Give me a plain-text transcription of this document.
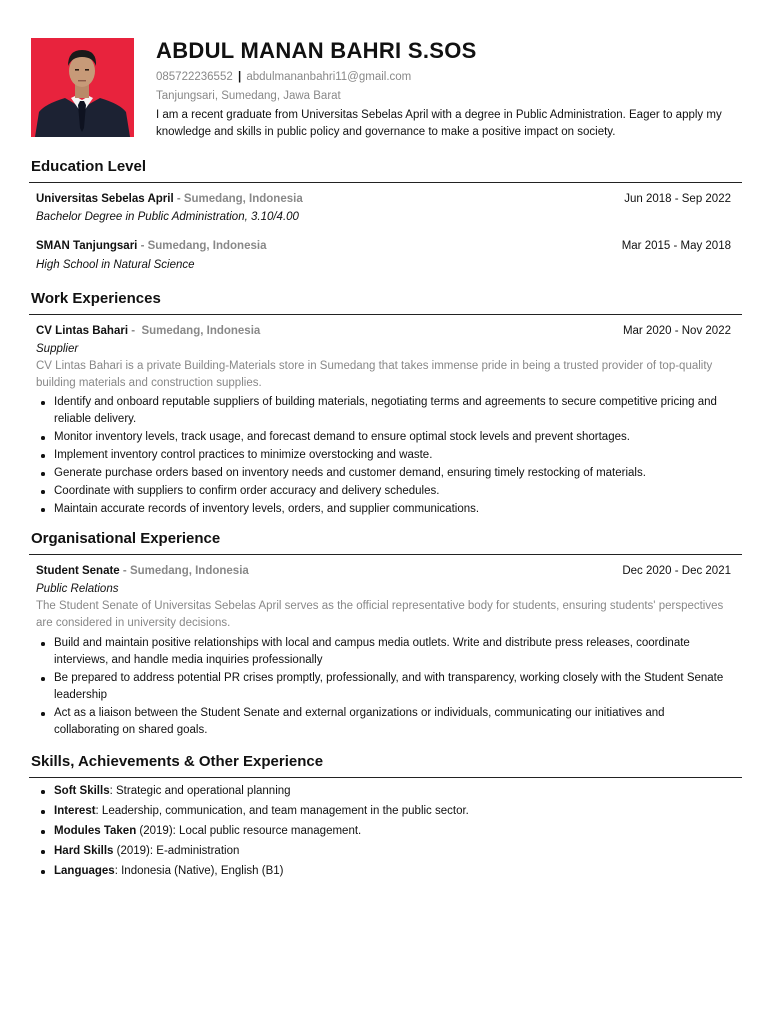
ABDUL MANAN BAHRI S.SOS
085722236552 | abdulmananbahri11@gmail.com
Tanjungsari, Sumedang, Jawa Barat
I am a recent graduate from Universitas Sebelas April with a degree in Public Administration. Eager to apply my knowledge and skills in public policy and governance to make a positive impact on society.
Education Level
Universitas Sebelas April - Sumedang, Indonesia	Jun 2018 - Sep 2022
Bachelor Degree in Public Administration, 3.10/4.00
SMAN Tanjungsari - Sumedang, Indonesia	Mar 2015 - May 2018
High School in Natural Science
Work Experiences
CV Lintas Bahari -  Sumedang, Indonesia	Mar 2020 - Nov 2022
Supplier
CV Lintas Bahari is a private Building-Materials store in Sumedang that takes immense pride in being a trusted provider of top-quality building materials and construction supplies.
Identify and onboard reputable suppliers of building materials, negotiating terms and agreements to secure competitive pricing and reliable delivery.
Monitor inventory levels, track usage, and forecast demand to ensure optimal stock levels and prevent shortages.
Implement inventory control practices to minimize overstocking and waste.
Generate purchase orders based on inventory needs and customer demand, ensuring timely restocking of materials.
Coordinate with suppliers to confirm order accuracy and delivery schedules.
Maintain accurate records of inventory levels, orders, and supplier communications.
Organisational Experience
Student Senate - Sumedang, Indonesia	Dec 2020 - Dec 2021
Public Relations
The Student Senate of Universitas Sebelas April serves as the official representative body for students, ensuring students' perspectives are considered in university decisions.
Build and maintain positive relationships with local and campus media outlets. Write and distribute press releases, coordinate interviews, and handle media inquiries professionally
Be prepared to address potential PR crises promptly, professionally, and with transparency, working closely with the Student Senate leadership
Act as a liaison between the Student Senate and external organizations or individuals, communicating our initiatives and collaborating on shared goals.
Skills, Achievements & Other Experience
Soft Skills: Strategic and operational planning
Interest: Leadership, communication, and team management in the public sector.
Modules Taken (2019): Local public resource management.
Hard Skills (2019): E-administration
Languages: Indonesia (Native), English (B1)
